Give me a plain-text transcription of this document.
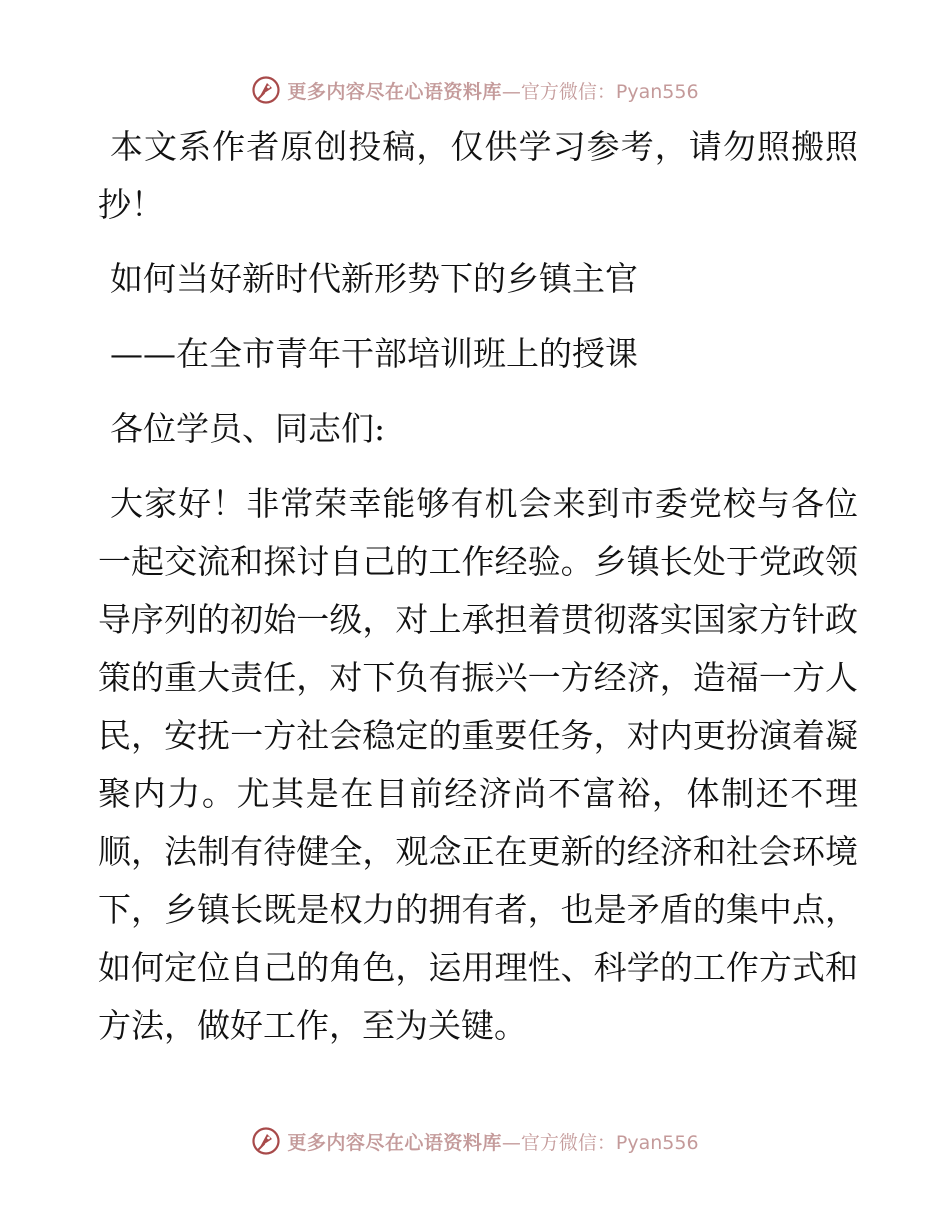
更多内容尽在心语资料库 —官方微信：Pyan556

本文系作者原创投稿，仅供学习参考，请勿照搬照抄！

如何当好新时代新形势下的乡镇主官

——在全市青年干部培训班上的授课

各位学员、同志们:

大家好！非常荣幸能够有机会来到市委党校与各位一起交流和探讨自己的工作经验。乡镇长处于党政领导序列的初始一级，对上承担着贯彻落实国家方针政策的重大责任，对下负有振兴一方经济，造福一方人民，安抚一方社会稳定的重要任务，对内更扮演着凝聚内力。尤其是在目前经济尚不富裕，体制还不理顺，法制有待健全，观念正在更新的经济和社会环境下，乡镇长既是权力的拥有者，也是矛盾的集中点，如何定位自己的角色，运用理性、科学的工作方式和方法，做好工作，至为关键。

更多内容尽在心语资料库 —官方微信：Pyan556
